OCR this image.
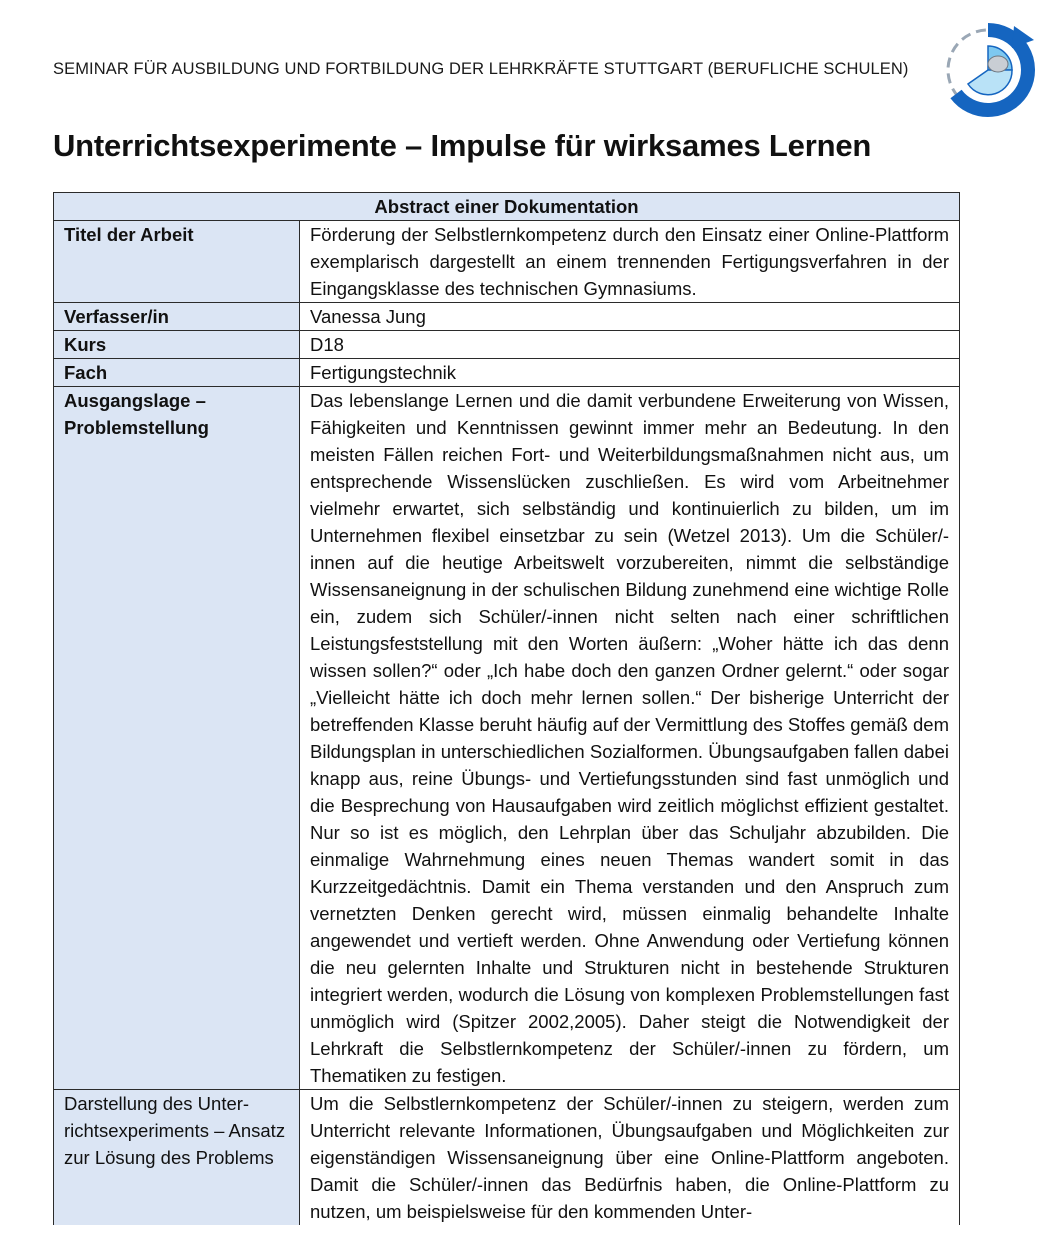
SEMINAR FÜR AUSBILDUNG UND FORTBILDUNG DER LEHRKRÄFTE STUTTGART (BERUFLICHE SCHULEN)
Unterrichtsexperimente – Impulse für wirksames Lernen
Abstract einer Dokumentation	
Titel der Arbeit	Förderung der Selbstlernkompetenz durch den Einsatz einer Online-Plattform exemplarisch dargestellt an einem trennenden Fertigungsverfahren in der Eingangsklasse des technischen Gymnasiums.
Verfasser/in	Vanessa Jung
Kurs	D18
Fach	Fertigungstechnik
Ausgangslage – Problemstellung	Das lebenslange Lernen und die damit verbundene Erweiterung von Wissen, Fähigkeiten und Kenntnissen gewinnt immer mehr an Bedeutung. In den meisten Fällen reichen Fort- und Weiterbildungsmaßnahmen nicht aus, um entsprechende Wissenslücken zuschließen. Es wird vom Arbeitnehmer vielmehr erwartet, sich selbständig und kontinuierlich zu bilden, um im Unternehmen flexibel einsetzbar zu sein (Wetzel 2013). Um die Schüler/-innen auf die heutige Arbeitswelt vorzubereiten, nimmt die selbständige Wissensaneignung in der schulischen Bildung zunehmend eine wichtige Rolle ein, zudem sich Schüler/-innen nicht selten nach einer schriftlichen Leistungsfeststellung mit den Worten äußern: „Woher hätte ich das denn wissen sollen?“ oder „Ich habe doch den ganzen Ordner gelernt.“ oder sogar „Vielleicht hätte ich doch mehr lernen sollen.“ Der bisherige Unterricht der betreffenden Klasse beruht häufig auf der Vermittlung des Stoffes gemäß dem Bildungsplan in unterschiedlichen Sozialformen. Übungsaufgaben fallen dabei knapp aus, reine Übungs- und Vertiefungsstunden sind fast unmöglich und die Besprechung von Hausaufgaben wird zeitlich möglichst effizient gestaltet. Nur so ist es möglich, den Lehrplan über das Schuljahr abzubilden. Die einmalige Wahrnehmung eines neuen Themas wandert somit in das Kurzzeitgedächtnis. Damit ein Thema verstanden und den Anspruch zum vernetzten Denken gerecht wird, müssen einmalig behandelte Inhalte angewendet und vertieft werden. Ohne Anwendung oder Vertiefung können die neu gelernten Inhalte und Strukturen nicht in bestehende Strukturen integriert werden, wodurch die Lösung von komplexen Problemstellungen fast unmöglich wird (Spitzer 2002,2005). Daher steigt die Notwendigkeit der Lehrkraft die Selbstlernkompetenz der Schüler/-innen zu fördern, um Thematiken zu festigen.
Darstellung des Unterrichtsexperiments – Ansatz zur Lösung des Problems	Um die Selbstlernkompetenz der Schüler/-innen zu steigern, werden zum Unterricht relevante Informationen, Übungsaufgaben und Möglichkeiten zur eigenständigen Wissensaneignung über eine Online-Plattform angeboten. Damit die Schüler/-innen das Bedürfnis haben, die Online-Plattform zu nutzen, um beispielsweise für den kommenden Unter-
